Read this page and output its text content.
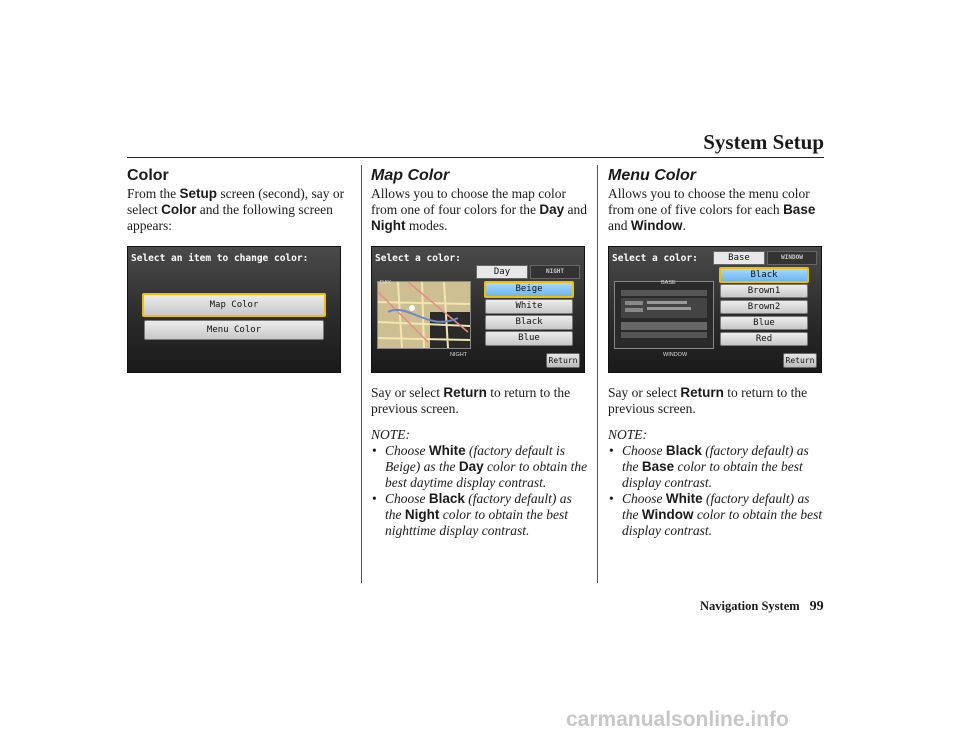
System Setup
Color

From the Setup screen (second), say or select Color and the following screen appears:

Select an item to change color:
Map Color
Menu Color
Map Color

Allows you to choose the map color from one of four colors for the Day and Night modes.

Select a color:
DAY
NIGHT
Day	NIGHT
Beige
White
Black
Blue
Return

Say or select Return to return to the previous screen.

NOTE:

• Choose White (factory default is Beige) as the Day color to obtain the best daytime display contrast.
• Choose Black (factory default) as the Night color to obtain the best nighttime display contrast.
Menu Color

Allows you to choose the menu color from one of five colors for each Base and Window.

Select a color:
BASE
WINDOW
Base	WINDOW
Black
Brown1
Brown2
Blue
Red
Return

Say or select Return to return to the previous screen.

NOTE:

• Choose Black (factory default) as the Base color to obtain the best display contrast.
• Choose White (factory default) as the Window color to obtain the best display contrast.
Navigation System 99
carmanualsonline.info
